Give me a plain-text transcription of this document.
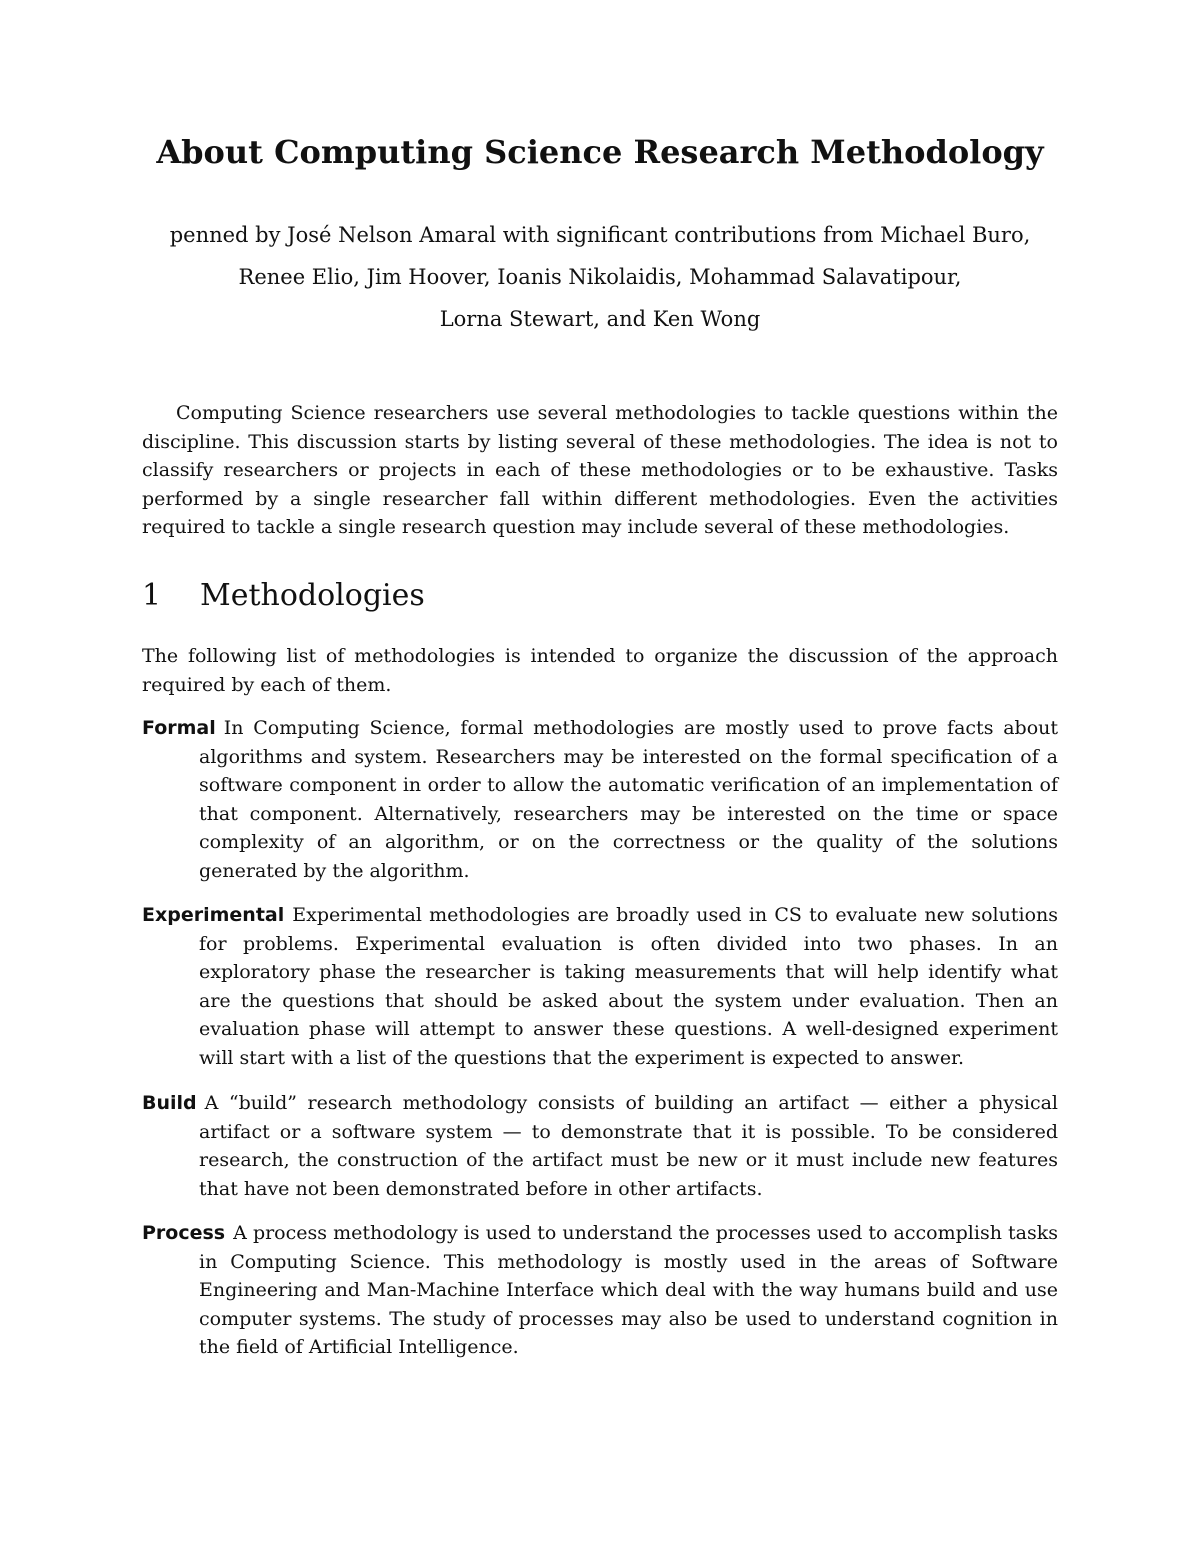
About Computing Science Research Methodology
penned by José Nelson Amaral with significant contributions from Michael Buro,
Renee Elio, Jim Hoover, Ioanis Nikolaidis, Mohammad Salavatipour,
Lorna Stewart, and Ken Wong

Computing Science researchers use several methodologies to tackle questions within the discipline. This discussion starts by listing several of these methodologies. The idea is not to classify researchers or projects in each of these methodologies or to be exhaustive. Tasks performed by a single researcher fall within different methodologies. Even the activities required to tackle a single research question may include several of these methodologies.

1 Methodologies

The following list of methodologies is intended to organize the discussion of the approach required by each of them.

Formal In Computing Science, formal methodologies are mostly used to prove facts about algorithms and system. Researchers may be interested on the formal specification of a software component in order to allow the automatic verification of an implementation of that component. Alternatively, researchers may be interested on the time or space complexity of an algorithm, or on the correctness or the quality of the solutions generated by the algorithm.

Experimental Experimental methodologies are broadly used in CS to evaluate new solutions for problems. Experimental evaluation is often divided into two phases. In an exploratory phase the researcher is taking measurements that will help identify what are the questions that should be asked about the system under evaluation. Then an evaluation phase will attempt to answer these questions. A well-designed experiment will start with a list of the questions that the experiment is expected to answer.

Build A “build” research methodology consists of building an artifact — either a physical artifact or a software system — to demonstrate that it is possible. To be considered research, the construction of the artifact must be new or it must include new features that have not been demonstrated before in other artifacts.

Process A process methodology is used to understand the processes used to accomplish tasks in Computing Science. This methodology is mostly used in the areas of Software Engineering and Man-Machine Interface which deal with the way humans build and use computer systems. The study of processes may also be used to understand cognition in the field of Artificial Intelligence.
